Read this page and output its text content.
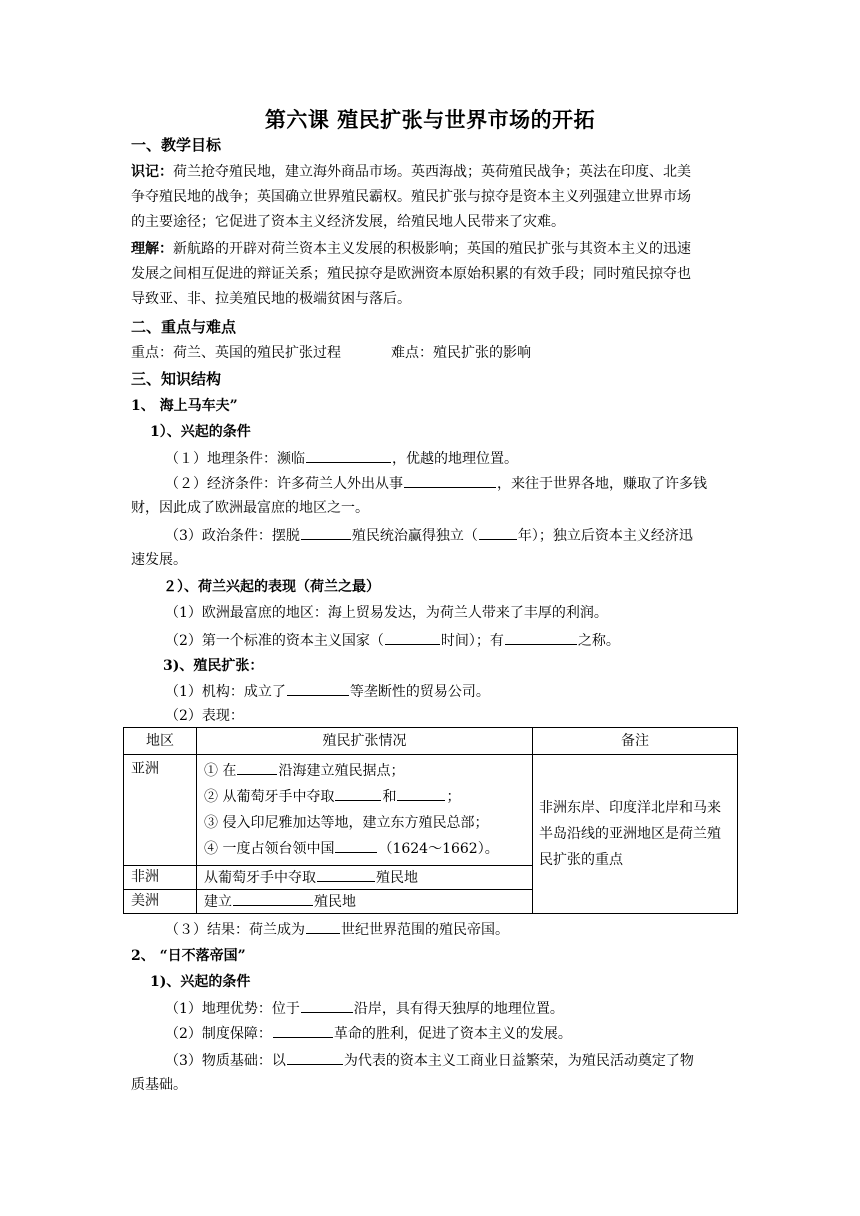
第六课 殖民扩张与世界市场的开拓
一、教学目标
识记：荷兰抢夺殖民地，建立海外商品市场。英西海战；英荷殖民战争；英法在印度、北美
争夺殖民地的战争；英国确立世界殖民霸权。殖民扩张与掠夺是资本主义列强建立世界市场
的主要途径；它促进了资本主义经济发展，给殖民地人民带来了灾难。
理解：新航路的开辟对荷兰资本主义发展的积极影响；英国的殖民扩张与其资本主义的迅速
发展之间相互促进的辩证关系；殖民掠夺是欧洲资本原始积累的有效手段；同时殖民掠夺也
导致亚、非、拉美殖民地的极端贫困与落后。
二、重点与难点
重点：荷兰、英国的殖民扩张过程	难点：殖民扩张的影响
三、知识结构
1、 海上马车夫”
1）、兴起的条件
（１）地理条件：濒临	，优越的地理位置。
（２）经济条件：许多荷兰人外出从事	，来往于世界各地，赚取了许多钱
财，因此成了欧洲最富庶的地区之一。
（3）政治条件：摆脱	殖民统治赢得独立（	年）；独立后资本主义经济迅
速发展。
２）、荷兰兴起的表现（荷兰之最）
（1）欧洲最富庶的地区：海上贸易发达，为荷兰人带来了丰厚的利润。
（2）第一个标准的资本主义国家（	时间）；有	之称。
3)、殖民扩张：
（1）机构：成立了	等垄断性的贸易公司。
（2）表现：
地区	殖民扩张情况	备注
亚洲	① 在 沿海建立殖民据点；
② 从葡萄牙手中夺取 和 ；
③ 侵入印尼雅加达等地，建立东方殖民总部；
④ 一度占领台领中国 （1624～1662）。	非洲东岸、印度洋北岸和马来半岛沿线的亚洲地区是荷兰殖民扩张的重点
非洲	从葡萄牙手中夺取 殖民地	
美洲	建立 殖民地	
（３）结果：荷兰成为	世纪世界范围的殖民帝国。
2、 “日不落帝国”
1)、兴起的条件
（1）地理优势：位于	沿岸，具有得天独厚的地理位置。
（2）制度保障：	革命的胜利，促进了资本主义的发展。
（3）物质基础：以	为代表的资本主义工商业日益繁荣，为殖民活动奠定了物
质基础。
